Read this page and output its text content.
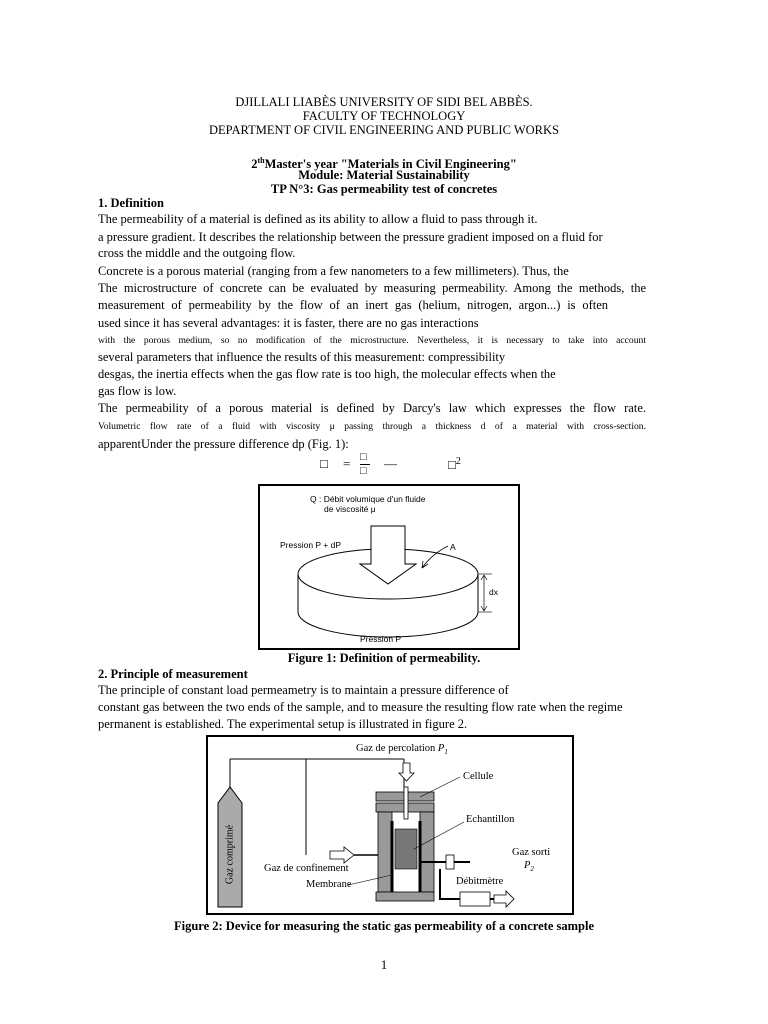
DJILLALI LIABÈS UNIVERSITY OF SIDI BEL ABBÈS.
FACULTY OF TECHNOLOGY
DEPARTMENT OF CIVIL ENGINEERING AND PUBLIC WORKS
2thMaster's year "Materials in Civil Engineering"
Module: Material Sustainability
TP N°3: Gas permeability test of concretes
1. Definition
The permeability of a material is defined as its ability to allow a fluid to pass through it.
a pressure gradient. It describes the relationship between the pressure gradient imposed on a fluid for
cross the middle and the outgoing flow.
Concrete is a porous material (ranging from a few nanometers to a few millimeters). Thus, the
The microstructure of concrete can be evaluated by measuring permeability. Among the methods, the
measurement of permeability by the flow of an inert gas (helium, nitrogen, argon...) is often
used since it has several advantages: it is faster, there are no gas interactions
with the porous medium, so no modification of the microstructure. Nevertheless, it is necessary to take into account
several parameters that influence the results of this measurement: compressibility
desgas, the inertia effects when the gas flow rate is too high, the molecular effects when the
gas flow is low.
The permeability of a porous material is defined by Darcy's law which expresses the flow rate.
Volumetric flow rate of a fluid with viscosity μ passing through a thickness d of a material with cross-section.
apparentUnder the pressure difference dp (Fig. 1):
□ = □
□ —	□$^2$
Q : Débit volumique d'un fluide
de viscosité μ
Pression P + dP	A
dx
Pression P
Figure 1: Definition of permeability.
2. Principle of measurement
The principle of constant load permeametry is to maintain a pressure difference of
constant gas between the two ends of the sample, and to measure the resulting flow rate when the regime
permanent is established. The experimental setup is illustrated in figure 2.
Gaz de percolation $P_1$
Cellule
Echantillon
Gaz comprimé	Gaz de confinement
Membrane
Gaz sorti
$P_2$
Débitmètre
Figure 2: Device for measuring the static gas permeability of a concrete sample
1
